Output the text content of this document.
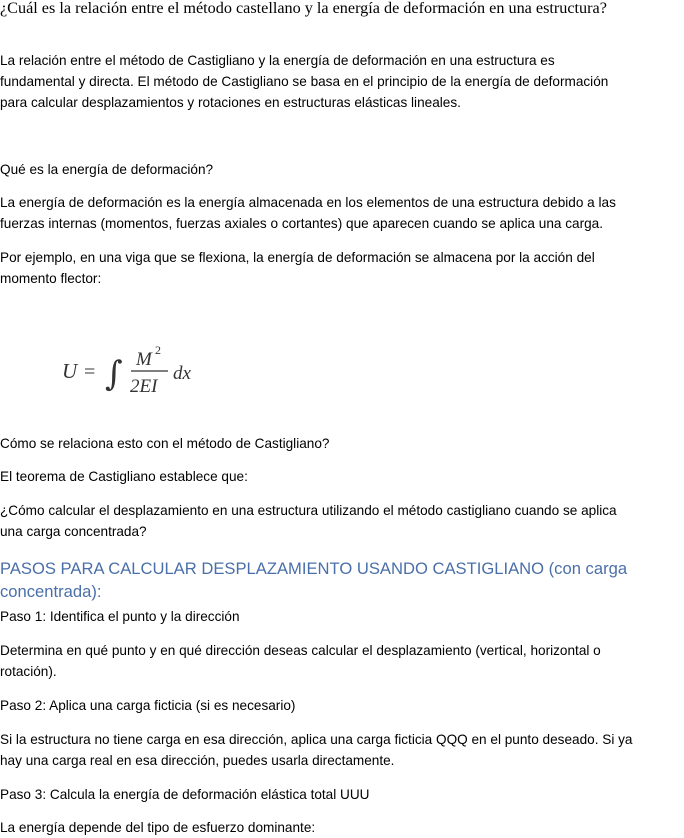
¿Cuál es la relación entre el método castellano y la energía de deformación en una estructura?
La relación entre el método de Castigliano y la energía de deformación en una estructura es
fundamental y directa. El método de Castigliano se basa en el principio de la energía de deformación
para calcular desplazamientos y rotaciones en estructuras elásticas lineales.
Qué es la energía de deformación?
La energía de deformación es la energía almacenada en los elementos de una estructura debido a las
fuerzas internas (momentos, fuerzas axiales o cortantes) que aparecen cuando se aplica una carga.
Por ejemplo, en una viga que se flexiona, la energía de deformación se almacena por la acción del
momento flector:
U = ∫ M 2
2EI
dx
Cómo se relaciona esto con el método de Castigliano?
El teorema de Castigliano establece que:
¿Cómo calcular el desplazamiento en una estructura utilizando el método castigliano cuando se aplica
una carga concentrada?
PASOS PARA CALCULAR DESPLAZAMIENTO USANDO CASTIGLIANO (con carga
concentrada):
Paso 1: Identifica el punto y la dirección
Determina en qué punto y en qué dirección deseas calcular el desplazamiento (vertical, horizontal o
rotación).
Paso 2: Aplica una carga ficticia (si es necesario)
Si la estructura no tiene carga en esa dirección, aplica una carga ficticia QQQ en el punto deseado. Si ya
hay una carga real en esa dirección, puedes usarla directamente.
Paso 3: Calcula la energía de deformación elástica total UUU
La energía depende del tipo de esfuerzo dominante:
